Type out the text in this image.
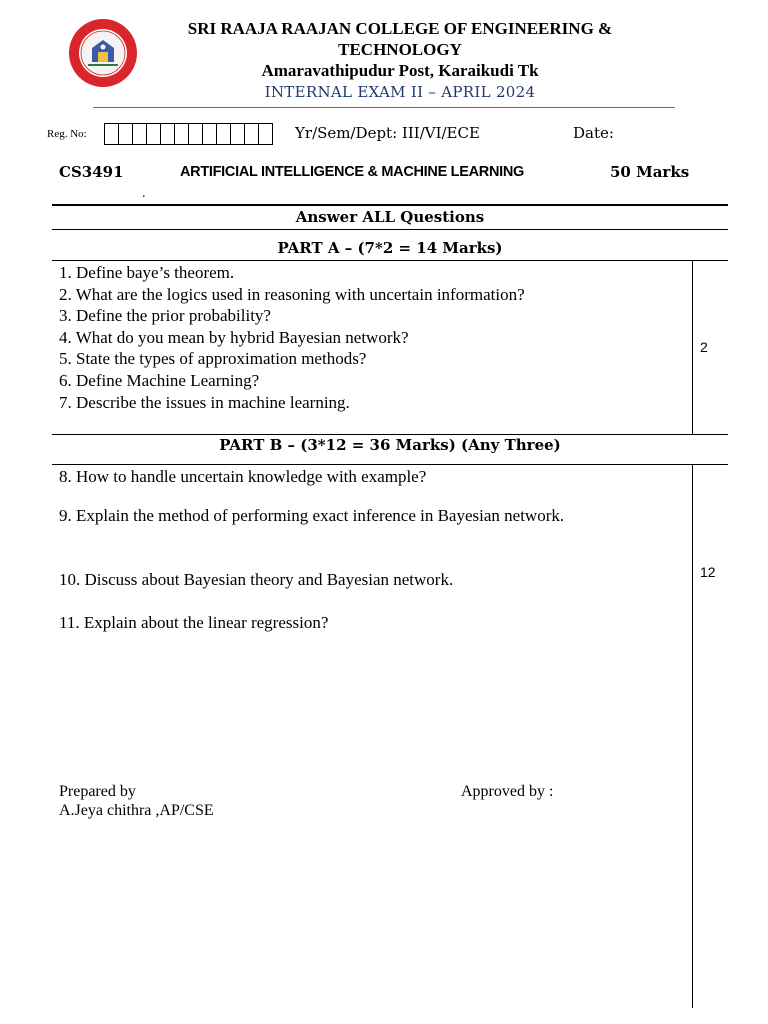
SRI RAAJA RAAJAN COLLEGE OF ENGINEERING &
TECHNOLOGY
Amaravathipudur Post, Karaikudi Tk
INTERNAL EXAM II – APRIL 2024
Reg. No:	Yr/Sem/Dept: III/VI/ECE	Date:
CS3491	ARTIFICIAL INTELLIGENCE & MACHINE LEARNING	50 Marks
.
Answer ALL Questions
PART A – (7*2 = 14 Marks)
1. Define baye’s theorem.
2. What are the logics used in reasoning with uncertain information?
3. Define the prior probability?
4. What do you mean by hybrid Bayesian network?
5. State the types of approximation methods?
6. Define Machine Learning?
7. Describe the issues in machine learning.
2
PART B – (3*12 = 36 Marks) (Any Three)
8. How to handle uncertain knowledge with example?
9. Explain the method of performing exact inference in Bayesian network.
10. Discuss about Bayesian theory and Bayesian network.
11. Explain about the linear regression?
12
Prepared by
A.Jeya chithra ,AP/CSE
Approved by :
